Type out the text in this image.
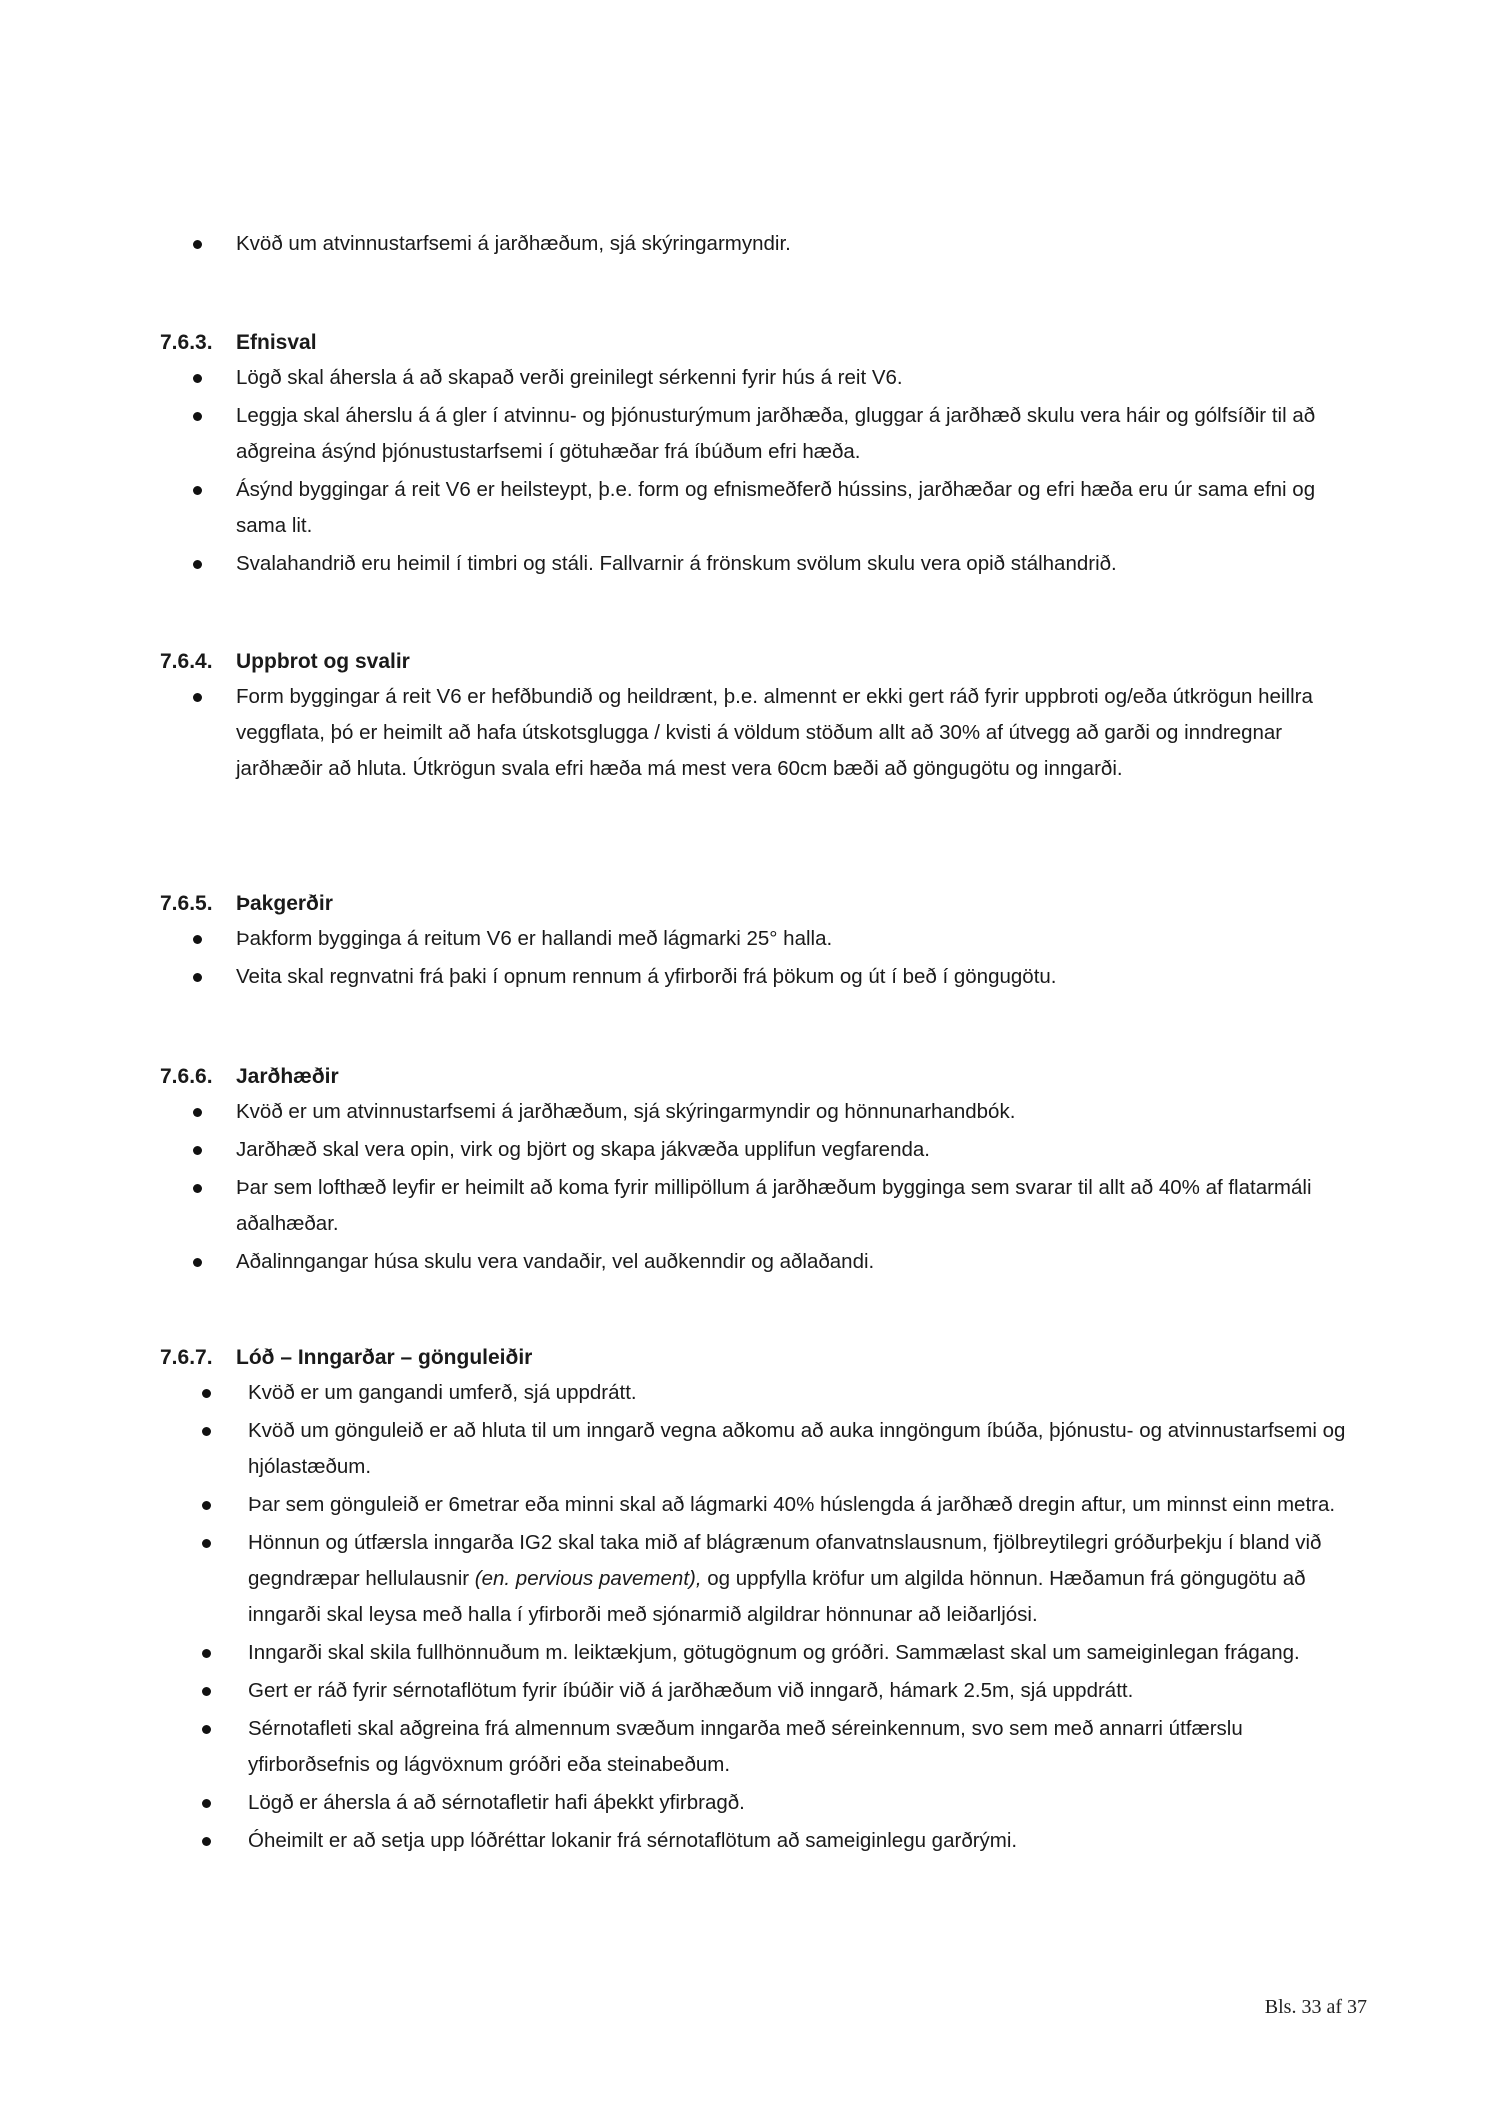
Kvöð um atvinnustarfsemi á jarðhæðum, sjá skýringarmyndir.
7.6.3. Efnisval
Lögð skal áhersla á að skapað verði greinilegt sérkenni fyrir hús á reit V6.
Leggja skal áherslu á á gler í atvinnu- og þjónusturýmum jarðhæða, gluggar á jarðhæð skulu vera háir og gólfsíðir til að aðgreina ásýnd þjónustustarfsemi í götuhæðar frá íbúðum efri hæða.
Ásýnd byggingar á reit V6 er heilsteypt, þ.e. form og efnismeðferð hússins, jarðhæðar og efri hæða eru úr sama efni og sama lit.
Svalahandrið eru heimil í timbri og stáli. Fallvarnir á frönskum svölum skulu vera opið stálhandrið.
7.6.4. Uppbrot og svalir
Form byggingar á reit V6 er hefðbundið og heildrænt, þ.e. almennt er ekki gert ráð fyrir uppbroti og/eða útkrögun heillra veggflata, þó er heimilt að hafa útskotsglugga / kvisti á völdum stöðum allt að 30% af útvegg að garði og inndregnar jarðhæðir að hluta. Útkrögun svala efri hæða má mest vera 60cm bæði að göngugötu og inngarði.
7.6.5. Þakgerðir
Þakform bygginga á reitum V6 er hallandi með lágmarki 25° halla.
Veita skal regnvatni frá þaki í opnum rennum á yfirborði frá þökum og út í beð í göngugötu.
7.6.6. Jarðhæðir
Kvöð er um atvinnustarfsemi á jarðhæðum, sjá skýringarmyndir og hönnunarhandbók.
Jarðhæð skal vera opin, virk og björt og skapa jákvæða upplifun vegfarenda.
Þar sem lofthæð leyfir er heimilt að koma fyrir millipöllum á jarðhæðum bygginga sem svarar til allt að 40% af flatarmáli aðalhæðar.
Aðalinngangar húsa skulu vera vandaðir, vel auðkenndir og aðlaðandi.
7.6.7. Lóð – Inngarðar – gönguleiðir
Kvöð er um gangandi umferð, sjá uppdrátt.
Kvöð um gönguleið er að hluta til um inngarð vegna aðkomu að auka inngöngum íbúða, þjónustu- og atvinnustarfsemi og hjólastæðum.
Þar sem gönguleið er 6metrar eða minni skal að lágmarki 40% húslengda á jarðhæð dregin aftur, um minnst einn metra.
Hönnun og útfærsla inngarða IG2 skal taka mið af blágrænum ofanvatnslausnum, fjölbreytilegri gróðurþekju í bland við gegndræpar hellulausnir (en. pervious pavement), og uppfylla kröfur um algilda hönnun. Hæðamun frá göngugötu að inngarði skal leysa með halla í yfirborði með sjónarmið algildrar hönnunar að leiðarljósi.
Inngarði skal skila fullhönnuðum m. leiktækjum, götugögnum og gróðri. Sammælast skal um sameiginlegan frágang.
Gert er ráð fyrir sérnotaflötum fyrir íbúðir við á jarðhæðum við inngarð, hámark 2.5m, sjá uppdrátt.
Sérnotafleti skal aðgreina frá almennum svæðum inngarða með séreinkennum, svo sem með annarri útfærslu yfirborðsefnis og lágvöxnum gróðri eða steinabeðum.
Lögð er áhersla á að sérnotafletir hafi áþekkt yfirbragð.
Óheimilt er að setja upp lóðréttar lokanir frá sérnotaflötum að sameiginlegu garðrými.
Bls. 33 af 37
